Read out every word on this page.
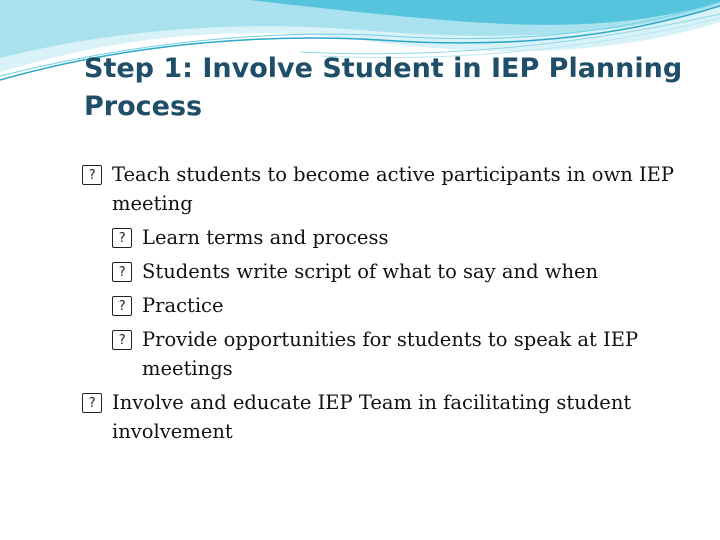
Step 1: Involve Student in IEP Planning Process

? Teach students to become active participants in own IEP meeting

? Learn terms and process

? Students write script of what to say and when

? Practice

? Provide opportunities for students to speak at IEP meetings

? Involve and educate IEP Team in facilitating student involvement
